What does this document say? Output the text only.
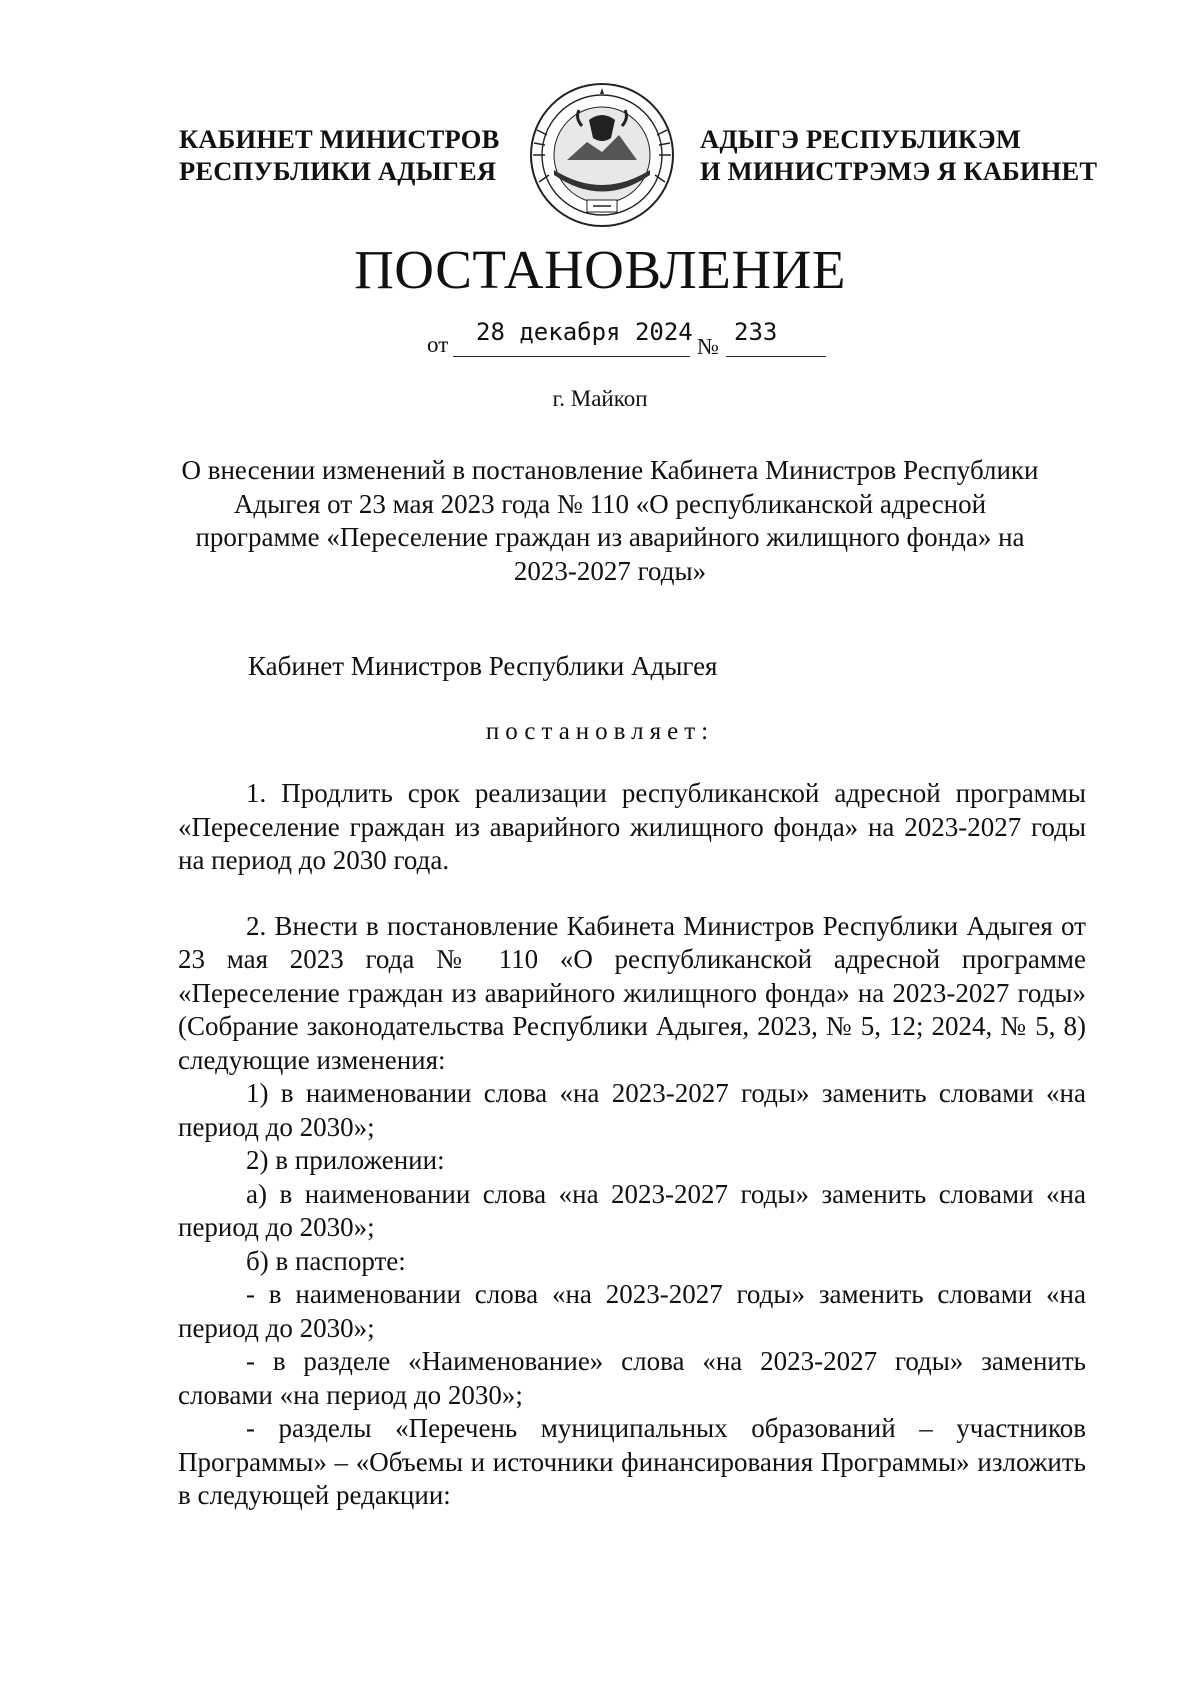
КАБИНЕТ МИНИСТРОВ
РЕСПУБЛИКИ АДЫГЕЯ
АДЫГЭ РЕСПУБЛИКЭМ
И МИНИСТРЭМЭ Я КАБИНЕТ
ПОСТАНОВЛЕНИЕ
от 28 декабря 2024
№
233
г. Майкоп
О внесении изменений в постановление Кабинета Министров Республики Адыгея от 23 мая 2023 года № 110 «О республиканской адресной программе «Переселение граждан из аварийного жилищного фонда» на 2023-2027 годы»
Кабинет Министров Республики Адыгея
постановляет:

1. Продлить срок реализации республиканской адресной программы «Переселение граждан из аварийного жилищного фонда» на 2023-2027 годы на период до 2030 года.

2. Внести в постановление Кабинета Министров Республики Адыгея от 23 мая 2023 года № 110 «О республиканской адресной программе «Переселение граждан из аварийного жилищного фонда» на 2023-2027 годы» (Собрание законодательства Республики Адыгея, 2023, № 5, 12; 2024, № 5, 8) следующие изменения:

1) в наименовании слова «на 2023-2027 годы» заменить словами «на период до 2030»;

2) в приложении:

а) в наименовании слова «на 2023-2027 годы» заменить словами «на период до 2030»;

б) в паспорте:

- в наименовании слова «на 2023-2027 годы» заменить словами «на период до 2030»;

- в разделе «Наименование» слова «на 2023-2027 годы» заменить словами «на период до 2030»;

- разделы «Перечень муниципальных образований – участников Программы» – «Объемы и источники финансирования Программы» изложить в следующей редакции:
